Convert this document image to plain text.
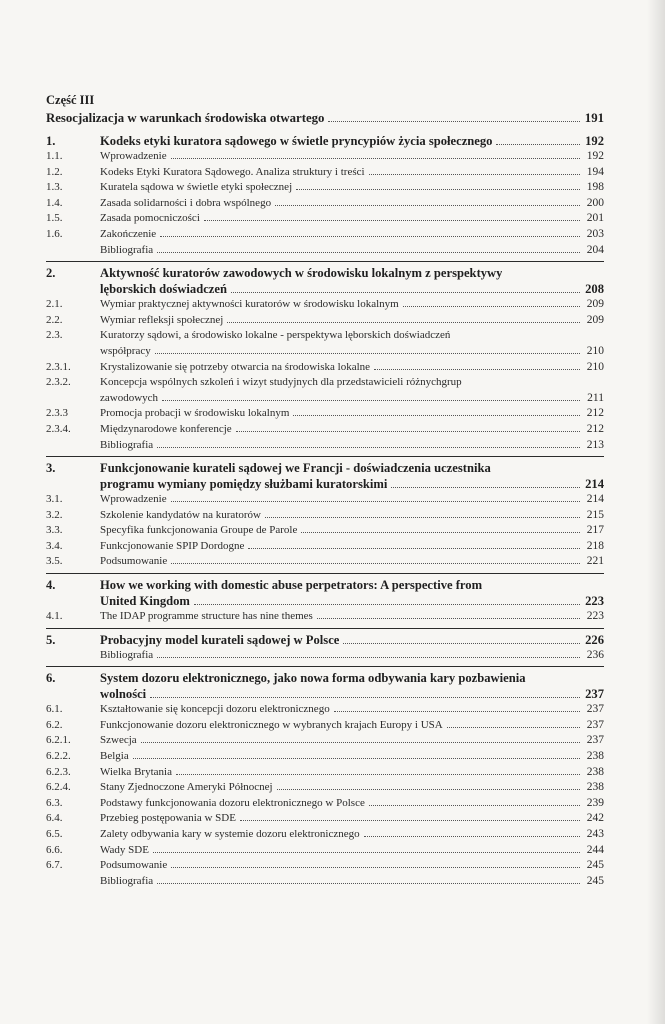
Część III
Resocjalizacja w warunkach środowiska otwartego	191
1.	Kodeks etyki kuratora sądowego w świetle pryncypiów życia społecznego	192
1.1.	Wprowadzenie	192
1.2.	Kodeks Etyki Kuratora Sądowego. Analiza struktury i treści	194
1.3.	Kuratela sądowa w świetle etyki społecznej	198
1.4.	Zasada solidarności i dobra wspólnego	200
1.5.	Zasada pomocniczości	201
1.6.	Zakończenie	203
Bibliografia	204
2.	Aktywność kuratorów zawodowych w środowisku lokalnym z perspektywy
lęborskich doświadczeń	208
2.1.	Wymiar praktycznej aktywności kuratorów w środowisku lokalnym	209
2.2.	Wymiar refleksji społecznej	209
2.3.	Kuratorzy sądowi, a środowisko lokalne - perspektywa lęborskich doświadczeń
współpracy	210
2.3.1.	Krystalizowanie się potrzeby otwarcia na środowiska lokalne	210
2.3.2.	Koncepcja wspólnych szkoleń i wizyt studyjnych dla przedstawicieli różnychgrup
zawodowych	211
2.3.3	Promocja probacji w środowisku lokalnym	212
2.3.4.	Międzynarodowe konferencje	212
Bibliografia	213
3.	Funkcjonowanie kurateli sądowej we Francji - doświadczenia uczestnika
programu wymiany pomiędzy służbami kuratorskimi	214
3.1.	Wprowadzenie	214
3.2.	Szkolenie kandydatów na kuratorów	215
3.3.	Specyfika funkcjonowania Groupe de Parole	217
3.4.	Funkcjonowanie SPIP Dordogne	218
3.5.	Podsumowanie	221
4.	How we working with domestic abuse perpetrators: A perspective from
United Kingdom	223
4.1.	The IDAP programme structure has nine themes	223
5.	Probacyjny model kurateli sądowej w Polsce	226
Bibliografia	236
6.	System dozoru elektronicznego, jako nowa forma odbywania kary pozbawienia
wolności	237
6.1.	Kształtowanie się koncepcji dozoru elektronicznego	237
6.2.	Funkcjonowanie dozoru elektronicznego w wybranych krajach Europy i USA	237
6.2.1.	Szwecja	237
6.2.2.	Belgia	238
6.2.3.	Wielka Brytania	238
6.2.4.	Stany Zjednoczone Ameryki Północnej	238
6.3.	Podstawy funkcjonowania dozoru elektronicznego w Polsce	239
6.4.	Przebieg postępowania w SDE	242
6.5.	Zalety odbywania kary w systemie dozoru elektronicznego	243
6.6.	Wady SDE	244
6.7.	Podsumowanie	245
Bibliografia	245
